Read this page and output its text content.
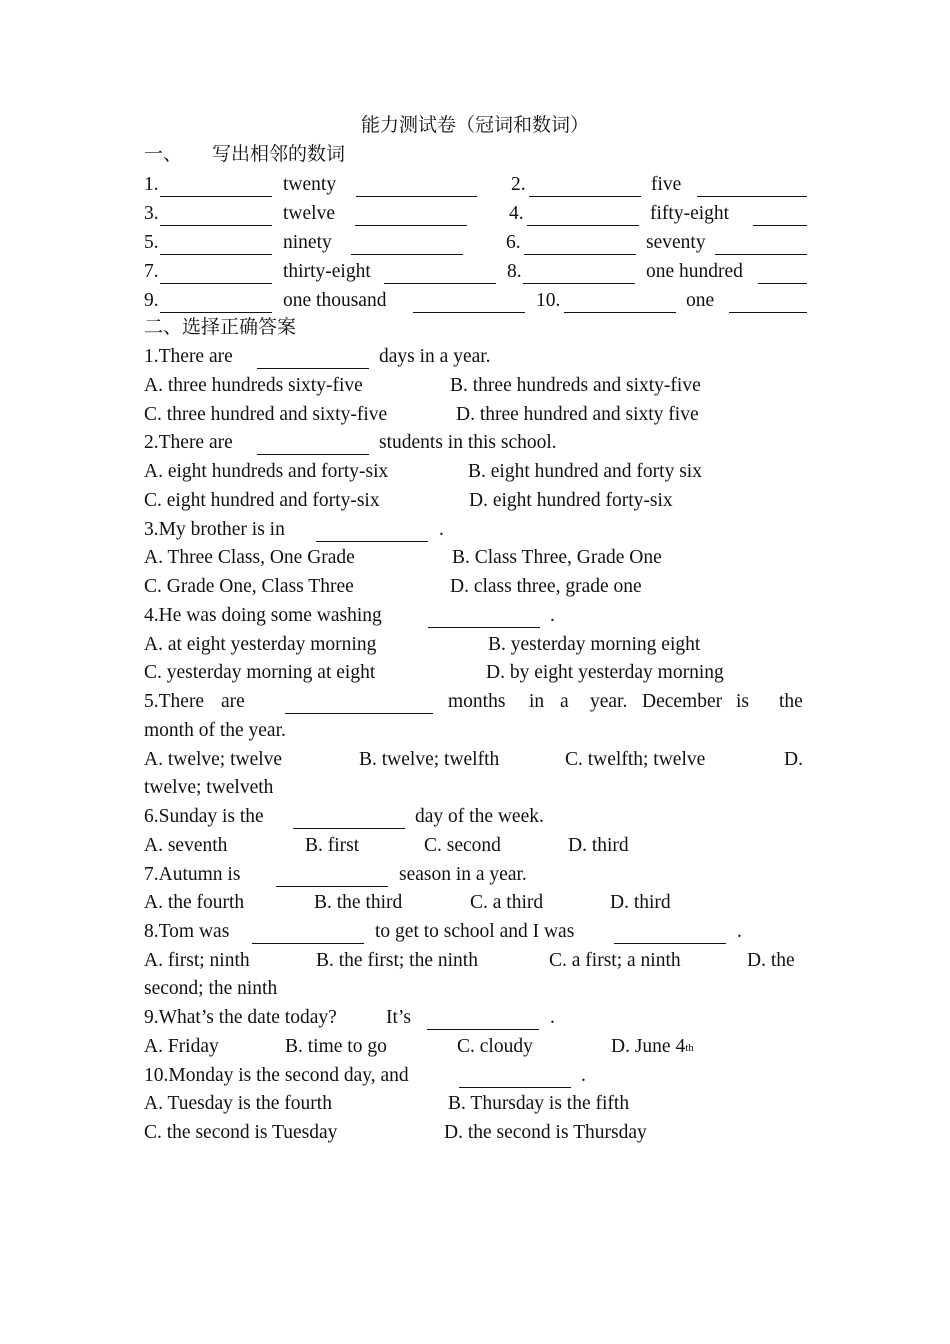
能力测试卷（冠词和数词）
一、 写出相邻的数词
1.	twenty	2.	five
3.	twelve	4.	fifty-eight
5.	ninety	6.	seventy
7.	thirty-eight	8.	one hundred
9.	one thousand	10.	one
二、选择正确答案
1.There are	days in a year.
A. three hundreds sixty-five	B. three hundreds and sixty-five
C. three hundred and sixty-five	D. three hundred and sixty five
2.There are	students in this school.
A. eight hundreds and forty-six	B. eight hundred and forty six
C. eight hundred and forty-six	D. eight hundred forty-six
3.My brother is in	.
A. Three Class, One Grade	B. Class Three, Grade One
C. Grade One, Class Three	D. class three, grade one
4.He was doing some washing	.
A. at eight yesterday morning	B. yesterday morning eight
C. yesterday morning at eight	D. by eight yesterday morning
5.There are	months in a year. December is the
month of the year.
A. twelve; twelve	B. twelve; twelfth	C. twelfth; twelve	D.
twelve; twelveth
6.Sunday is the	day of the week.
A. seventh	B. first	C. second	D. third
7.Autumn is	season in a year.
A. the fourth	B. the third	C. a third	D. third
8.Tom was	to get to school and I was	.
A. first; ninth	B. the first; the ninth	C. a first; a ninth	D. the
second; the ninth
9.What’s the date today?	It’s	.
A. Friday	B. time to go	C. cloudy	D. June 4th
10.Monday is the second day, and	.
A. Tuesday is the fourth	B. Thursday is the fifth
C. the second is Tuesday	D. the second is Thursday
